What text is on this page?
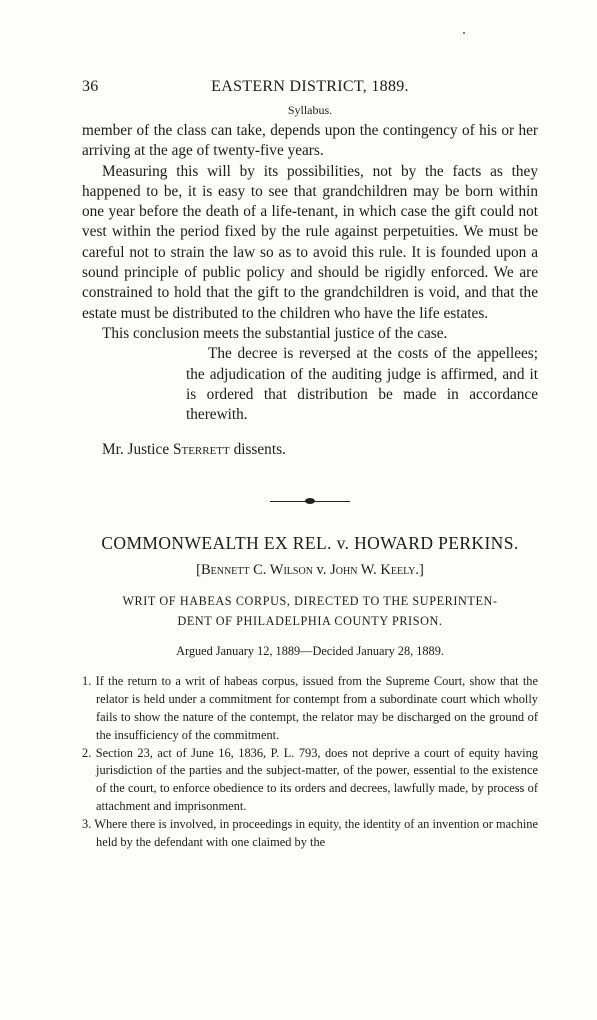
36	EASTERN DISTRICT, 1889.
Syllabus.

member of the class can take, depends upon the contingency of his or her arriving at the age of twenty-five years.

Measuring this will by its possibilities, not by the facts as they happened to be, it is easy to see that grandchildren may be born within one year before the death of a life-tenant, in which case the gift could not vest within the period fixed by the rule against perpetuities. We must be careful not to strain the law so as to avoid this rule. It is founded upon a sound principle of public policy and should be rigidly enforced. We are constrained to hold that the gift to the grandchildren is void, and that the estate must be distributed to the children who have the life estates.

This conclusion meets the substantial justice of the case.

The decree is reversed at the costs of the appellees; the adjudication of the auditing judge is affirmed, and it is ordered that distribution be made in accordance therewith.

Mr. Justice Sterrett dissents.
COMMONWEALTH EX REL. v. HOWARD PERKINS.
[Bennett C. Wilson v. John W. Keely.]
WRIT OF HABEAS CORPUS, DIRECTED TO THE SUPERINTEN-
DENT OF PHILADELPHIA COUNTY PRISON.
Argued January 12, 1889—Decided January 28, 1889.

1. If the return to a writ of habeas corpus, issued from the Supreme Court, show that the relator is held under a commitment for contempt from a subordinate court which wholly fails to show the nature of the contempt, the relator may be discharged on the ground of the insufficiency of the commitment.

2. Section 23, act of June 16, 1836, P. L. 793, does not deprive a court of equity having jurisdiction of the parties and the subject-matter, of the power, essential to the existence of the court, to enforce obedience to its orders and decrees, lawfully made, by process of attachment and imprisonment.

3. Where there is involved, in proceedings in equity, the identity of an invention or machine held by the defendant with one claimed by the
